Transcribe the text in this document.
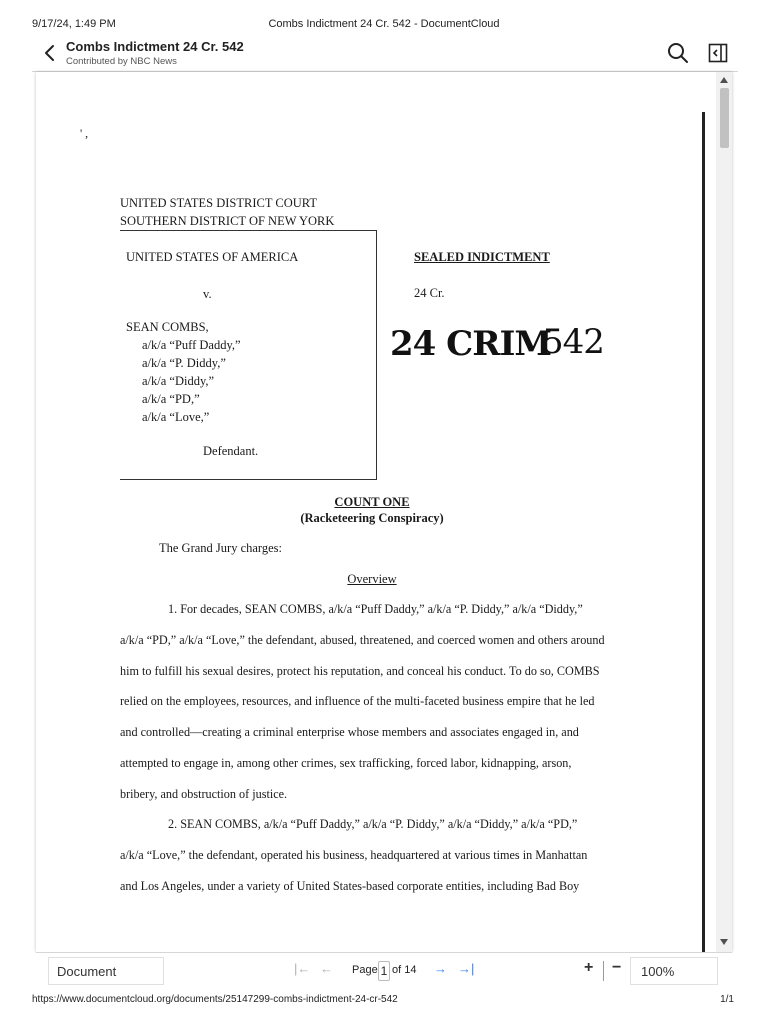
9/17/24, 1:49 PM	Combs Indictment 24 Cr. 542 - DocumentCloud
Combs Indictment 24 Cr. 542
Contributed by NBC News
' ,
UNITED STATES DISTRICT COURT
SOUTHERN DISTRICT OF NEW YORK
UNITED STATES OF AMERICA
v.
SEAN COMBS,
a/k/a “Puff Daddy,”
a/k/a “P. Diddy,”
a/k/a “Diddy,”
a/k/a “PD,”
a/k/a “Love,”
Defendant.
SEALED INDICTMENT
24 Cr.
24 CRIM
542
COUNT ONE
(Racketeering Conspiracy)
The Grand Jury charges:
Overview
1. For decades, SEAN COMBS, a/k/a “Puff Daddy,” a/k/a “P. Diddy,” a/k/a “Diddy,”
a/k/a “PD,” a/k/a “Love,” the defendant, abused, threatened, and coerced women and others around
him to fulfill his sexual desires, protect his reputation, and conceal his conduct. To do so, COMBS
relied on the employees, resources, and influence of the multi-faceted business empire that he led
and controlled—creating a criminal enterprise whose members and associates engaged in, and
attempted to engage in, among other crimes, sex trafficking, forced labor, kidnapping, arson,
bribery, and obstruction of justice.
2. SEAN COMBS, a/k/a “Puff Daddy,” a/k/a “P. Diddy,” a/k/a “Diddy,” a/k/a “PD,”
a/k/a “Love,” the defendant, operated his business, headquartered at various times in Manhattan
and Los Angeles, under a variety of United States-based corporate entities, including Bad Boy
Document	|← ← Page 1 of 14 → →|	+ −	100%
https://www.documentcloud.org/documents/25147299-combs-indictment-24-cr-542	1/1
